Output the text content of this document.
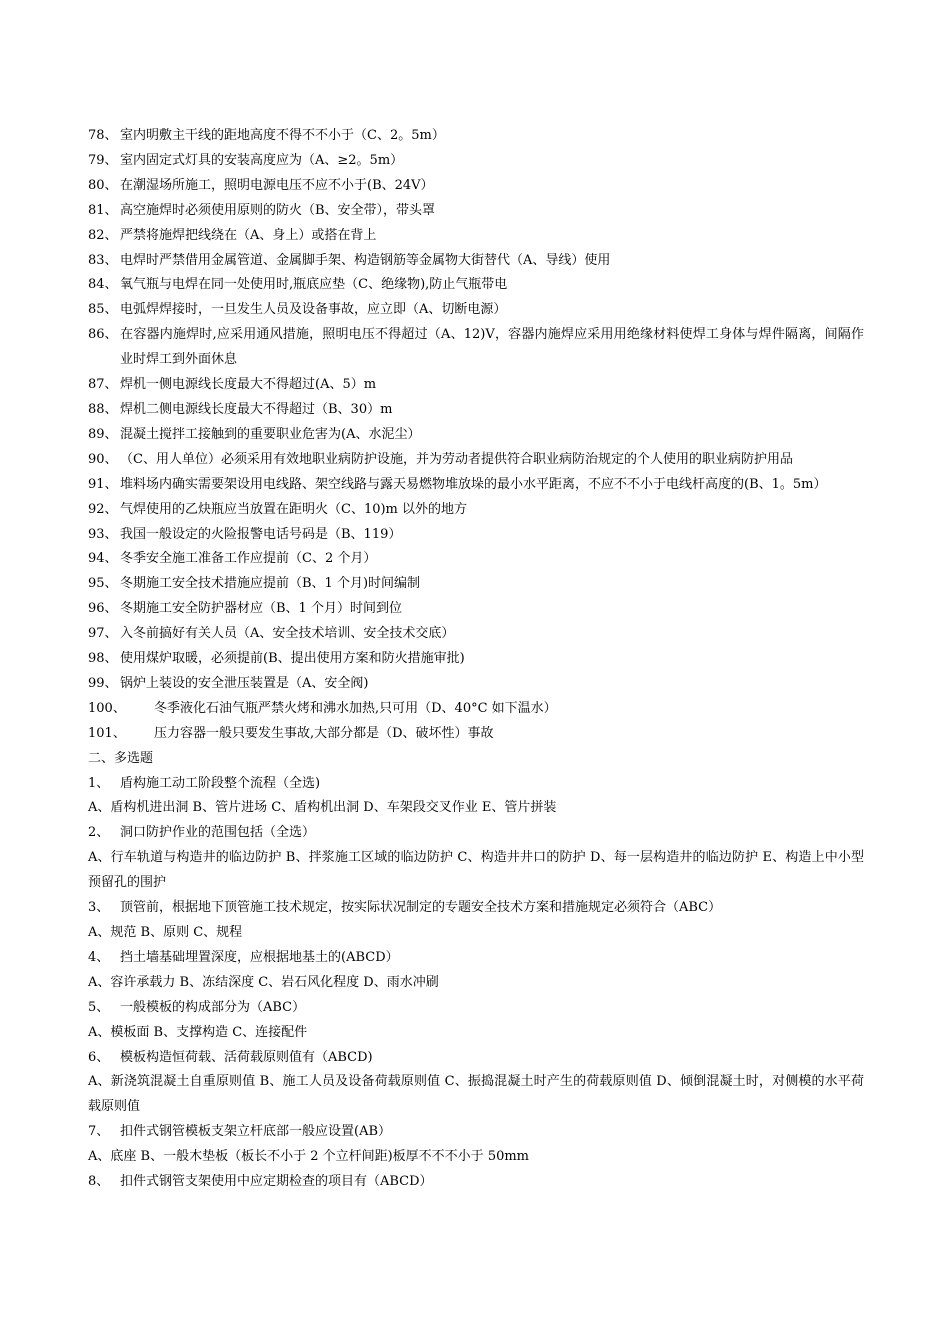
78、 室内明敷主干线的距地高度不得不不小于（C、2。5m）
79、 室内固定式灯具的安装高度应为（A、≥2。5m）
80、 在潮湿场所施工，照明电源电压不应不小于(B、24V）
81、 高空施焊时必须使用原则的防火（B、安全带），带头罩
82、 严禁将施焊把线绕在（A、身上）或搭在背上
83、 电焊时严禁借用金属管道、金属脚手架、构造钢筋等金属物大街替代（A、导线）使用
84、 氧气瓶与电焊在同一处使用时,瓶底应垫（C、绝缘物),防止气瓶带电
85、 电弧焊焊接时，一旦发生人员及设备事故，应立即（A、切断电源）
86、 在容器内施焊时,应采用通风措施，照明电压不得超过（A、12)V，容器内施焊应采用用绝缘材料使焊工身体与焊件隔离，间隔作业时焊工到外面休息
87、 焊机一侧电源线长度最大不得超过(A、5）m
88、 焊机二侧电源线长度最大不得超过（B、30）m
89、 混凝土搅拌工接触到的重要职业危害为(A、水泥尘）
90、 （C、用人单位）必须采用有效地职业病防护设施，并为劳动者提供符合职业病防治规定的个人使用的职业病防护用品
91、 堆料场内确实需要架设用电线路、架空线路与露天易燃物堆放垛的最小水平距离，不应不不小于电线杆高度的(B、1。5m）
92、 气焊使用的乙炔瓶应当放置在距明火（C、10)m 以外的地方
93、 我国一般设定的火险报警电话号码是（B、119）
94、 冬季安全施工准备工作应提前（C、2 个月）
95、 冬期施工安全技术措施应提前（B、1 个月)时间编制
96、 冬期施工安全防护器材应（B、1 个月）时间到位
97、 入冬前搞好有关人员（A、安全技术培训、安全技术交底）
98、 使用煤炉取暖，必须提前(B、提出使用方案和防火措施审批)
99、 锅炉上装设的安全泄压装置是（A、安全阀)
100、	冬季液化石油气瓶严禁火烤和沸水加热,只可用（D、40°C 如下温水）
101、	压力容器一般只要发生事故,大部分都是（D、破坏性）事故
二、多选题
1、 盾构施工动工阶段整个流程（全选)
A、盾构机进出洞 B、管片进场 C、盾构机出洞 D、车架段交叉作业 E、管片拼装
2、 洞口防护作业的范围包括（全选）
A、行车轨道与构造井的临边防护 B、拌浆施工区域的临边防护 C、构造井井口的防护 D、每一层构造井的临边防护 E、构造上中小型预留孔的围护
3、 顶管前，根据地下顶管施工技术规定，按实际状况制定的专题安全技术方案和措施规定必须符合（ABC）
A、规范 B、原则 C、规程
4、 挡土墙基础埋置深度，应根据地基土的(ABCD）
A、容许承载力 B、冻结深度 C、岩石风化程度 D、雨水冲刷
5、 一般模板的构成部分为（ABC）
A、模板面 B、支撑构造 C、连接配件
6、 模板构造恒荷载、活荷载原则值有（ABCD)
A、新浇筑混凝土自重原则值 B、施工人员及设备荷载原则值 C、振捣混凝土时产生的荷载原则值 D、倾倒混凝土时，对侧模的水平荷载原则值
7、 扣件式钢管模板支架立杆底部一般应设置(AB）
A、底座 B、一般木垫板（板长不小于 2 个立杆间距)板厚不不不小于 50mm
8、 扣件式钢管支架使用中应定期检查的项目有（ABCD）
